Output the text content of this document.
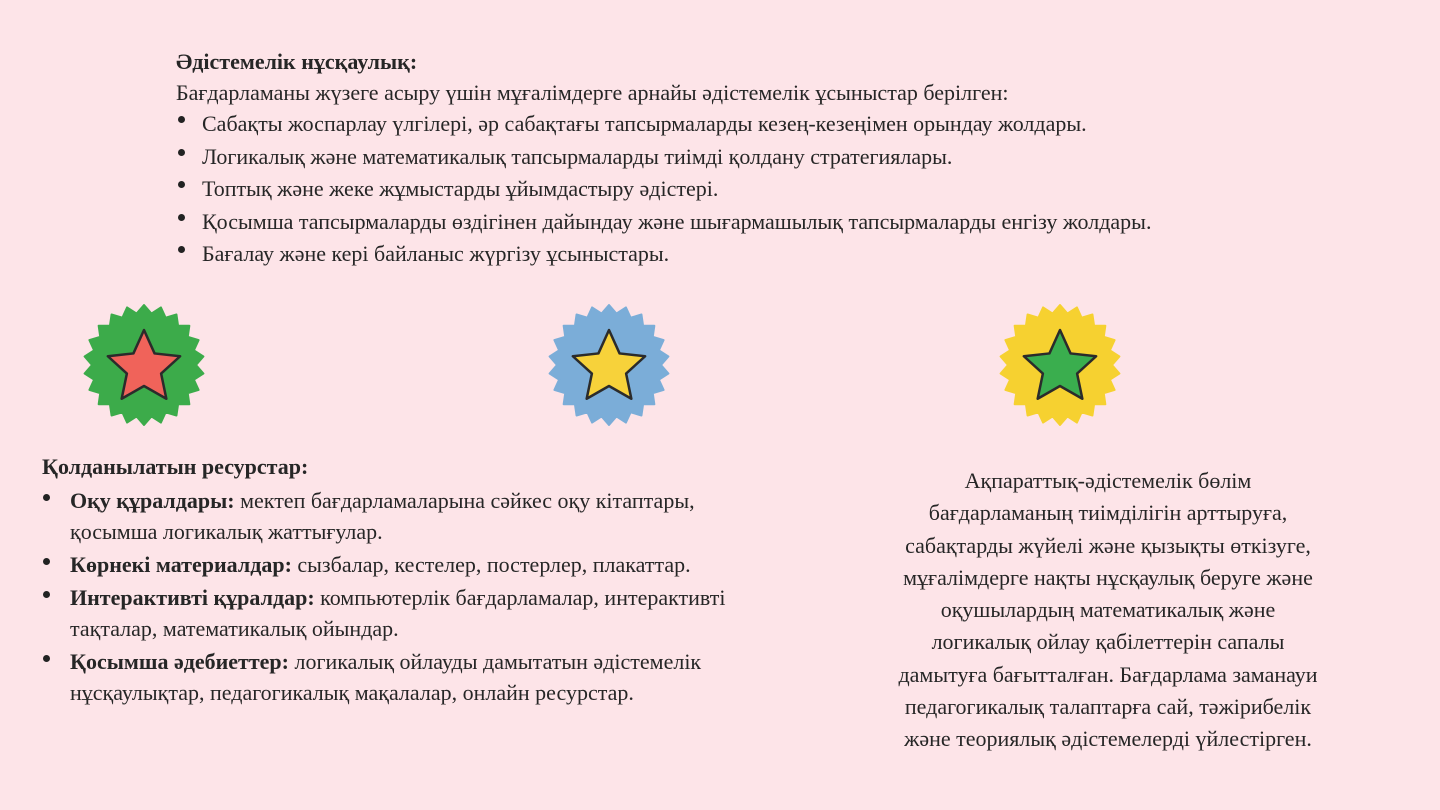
Әдістемелік нұсқаулық:

Бағдарламаны жүзеге асыру үшін мұғалімдерге арнайы әдістемелік ұсыныстар берілген:

Сабақты жоспарлау үлгілері, әр сабақтағы тапсырмаларды кезең-кезеңімен орындау жолдары.
Логикалық және математикалық тапсырмаларды тиімді қолдану стратегиялары.
Топтық және жеке жұмыстарды ұйымдастыру әдістері.
Қосымша тапсырмаларды өздігінен дайындау және шығармашылық тапсырмаларды енгізу жолдары.
Бағалау және кері байланыс жүргізу ұсыныстары.
Қолданылатын ресурстар:
Оқу құралдары: мектеп бағдарламаларына сәйкес оқу кітаптары, қосымша логикалық жаттығулар.
Көрнекі материалдар: сызбалар, кестелер, постерлер, плакаттар.
Интерактивті құралдар: компьютерлік бағдарламалар, интерактивті тақталар, математикалық ойындар.
Қосымша әдебиеттер: логикалық ойлауды дамытатын әдістемелік нұсқаулықтар, педагогикалық мақалалар, онлайн ресурстар.
Ақпараттық-әдістемелік бөлім
бағдарламаның тиімділігін арттыруға,
сабақтарды жүйелі және қызықты өткізуге,
мұғалімдерге нақты нұсқаулық беруге және
оқушылардың математикалық және
логикалық ойлау қабілеттерін сапалы
дамытуға бағытталған. Бағдарлама заманауи
педагогикалық талаптарға сай, тәжірибелік
және теориялық әдістемелерді үйлестірген.
